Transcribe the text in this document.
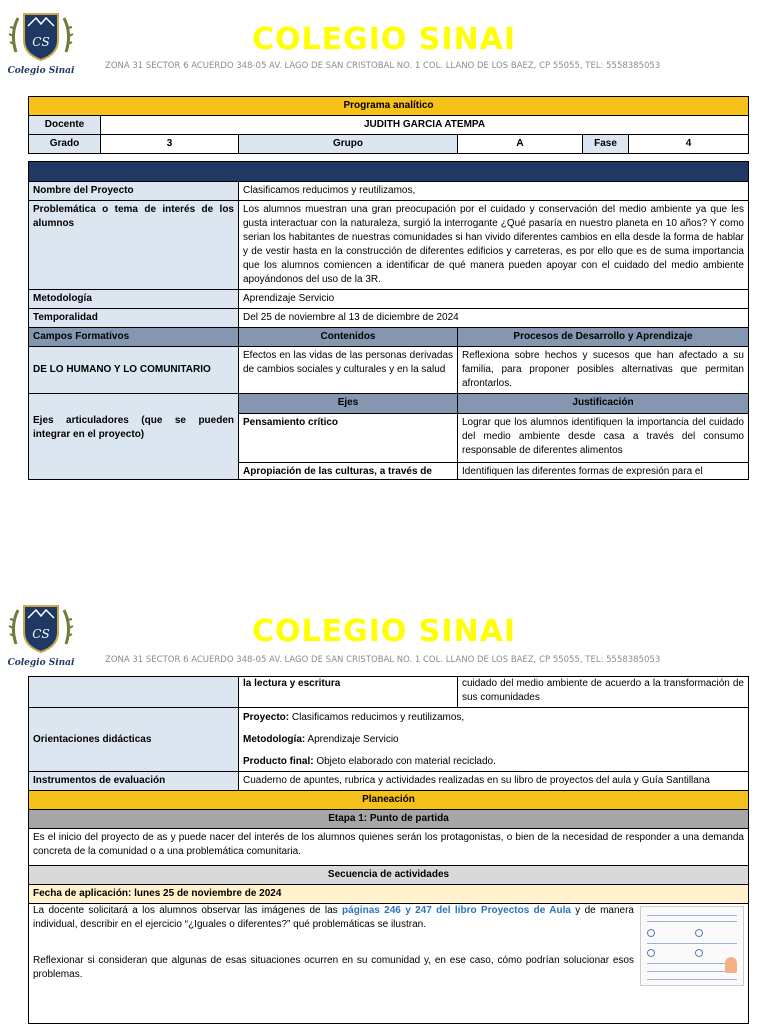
CS
Colegio Sinai
COLEGIO SINAI
ZONA 31 SECTOR 6 ACUERDO 348-05 AV. LAGO DE SAN CRISTOBAL NO. 1 COL. LLANO DE LOS BAEZ, CP 55055, TEL: 5558385053
Programa analítico					
Docente	JUDITH GARCIA ATEMPA				
Grado	3	Grupo	A	Fase	4

Nombre del Proyecto	Clasificamos reducimos y reutilizamos,	
Problemática o tema de interés de los alumnos	Los alumnos muestran una gran preocupación por el cuidado y conservación del medio ambiente ya que les gusta interactuar con la naturaleza, surgió la interrogante ¿Qué pasaría en nuestro planeta en 10 años? Y como serian los habitantes de nuestras comunidades si han vivido diferentes cambios en ella desde la forma de hablar y de vestir hasta en la construcción de diferentes edificios y carreteras, es por ello que es de suma importancia que los alumnos comiencen a identificar de qué manera pueden apoyar con el cuidado del medio ambiente apoyándonos del uso de la 3R.	
Metodología	Aprendizaje Servicio	
Temporalidad	Del 25 de noviembre al 13 de diciembre de 2024	
Campos Formativos	Contenidos	Procesos de Desarrollo y Aprendizaje
DE LO HUMANO Y LO COMUNITARIO	Efectos en las vidas de las personas derivadas de cambios sociales y culturales y en la salud	Reflexiona sobre hechos y sucesos que han afectado a su familia, para proponer posibles alternativas que permitan afrontarlos.
Ejes articuladores (que se pueden integrar en el proyecto)	Ejes	Justificación
	Pensamiento crítico	Lograr que los alumnos identifiquen la importancia del cuidado del medio ambiente desde casa a través del consumo responsable de diferentes alimentos
	Apropiación de las culturas, a través de	Identifiquen las diferentes formas de expresión para el
CS
Colegio Sinai
COLEGIO SINAI
ZONA 31 SECTOR 6 ACUERDO 348-05 AV. LAGO DE SAN CRISTOBAL NO. 1 COL. LLANO DE LOS BAEZ, CP 55055, TEL: 5558385053
	la lectura y escritura	cuidado del medio ambiente de acuerdo a la transformación de sus comunidades
Orientaciones didácticas	Proyecto: Clasificamos reducimos y reutilizamos,
Metodología: Aprendizaje Servicio
Producto final: Objeto elaborado con material reciclado.	

Instrumentos de evaluación	Cuaderno de apuntes, rubrica y actividades realizadas en su libro de proyectos del aula y Guía Santillana	
Planeación		
Etapa 1: Punto de partida		
Es el inicio del proyecto de as y puede nacer del interés de los alumnos quienes serán los protagonistas, o bien de la necesidad de responder a una demanda concreta de la comunidad o a una problemática comunitaria.		
Secuencia de actividades		
Fecha de aplicación: lunes 25 de noviembre de 2024		

La docente solicitará a los alumnos observar las imágenes de las páginas 246 y 247 del libro Proyectos de Aula y de manera individual, describir en el ejercicio “¿Iguales o diferentes?” qué problemáticas se ilustran.

Reflexionar si consideran que algunas de esas situaciones ocurren en su comunidad y, en ese caso, cómo podrían solucionar esos problemas.		
